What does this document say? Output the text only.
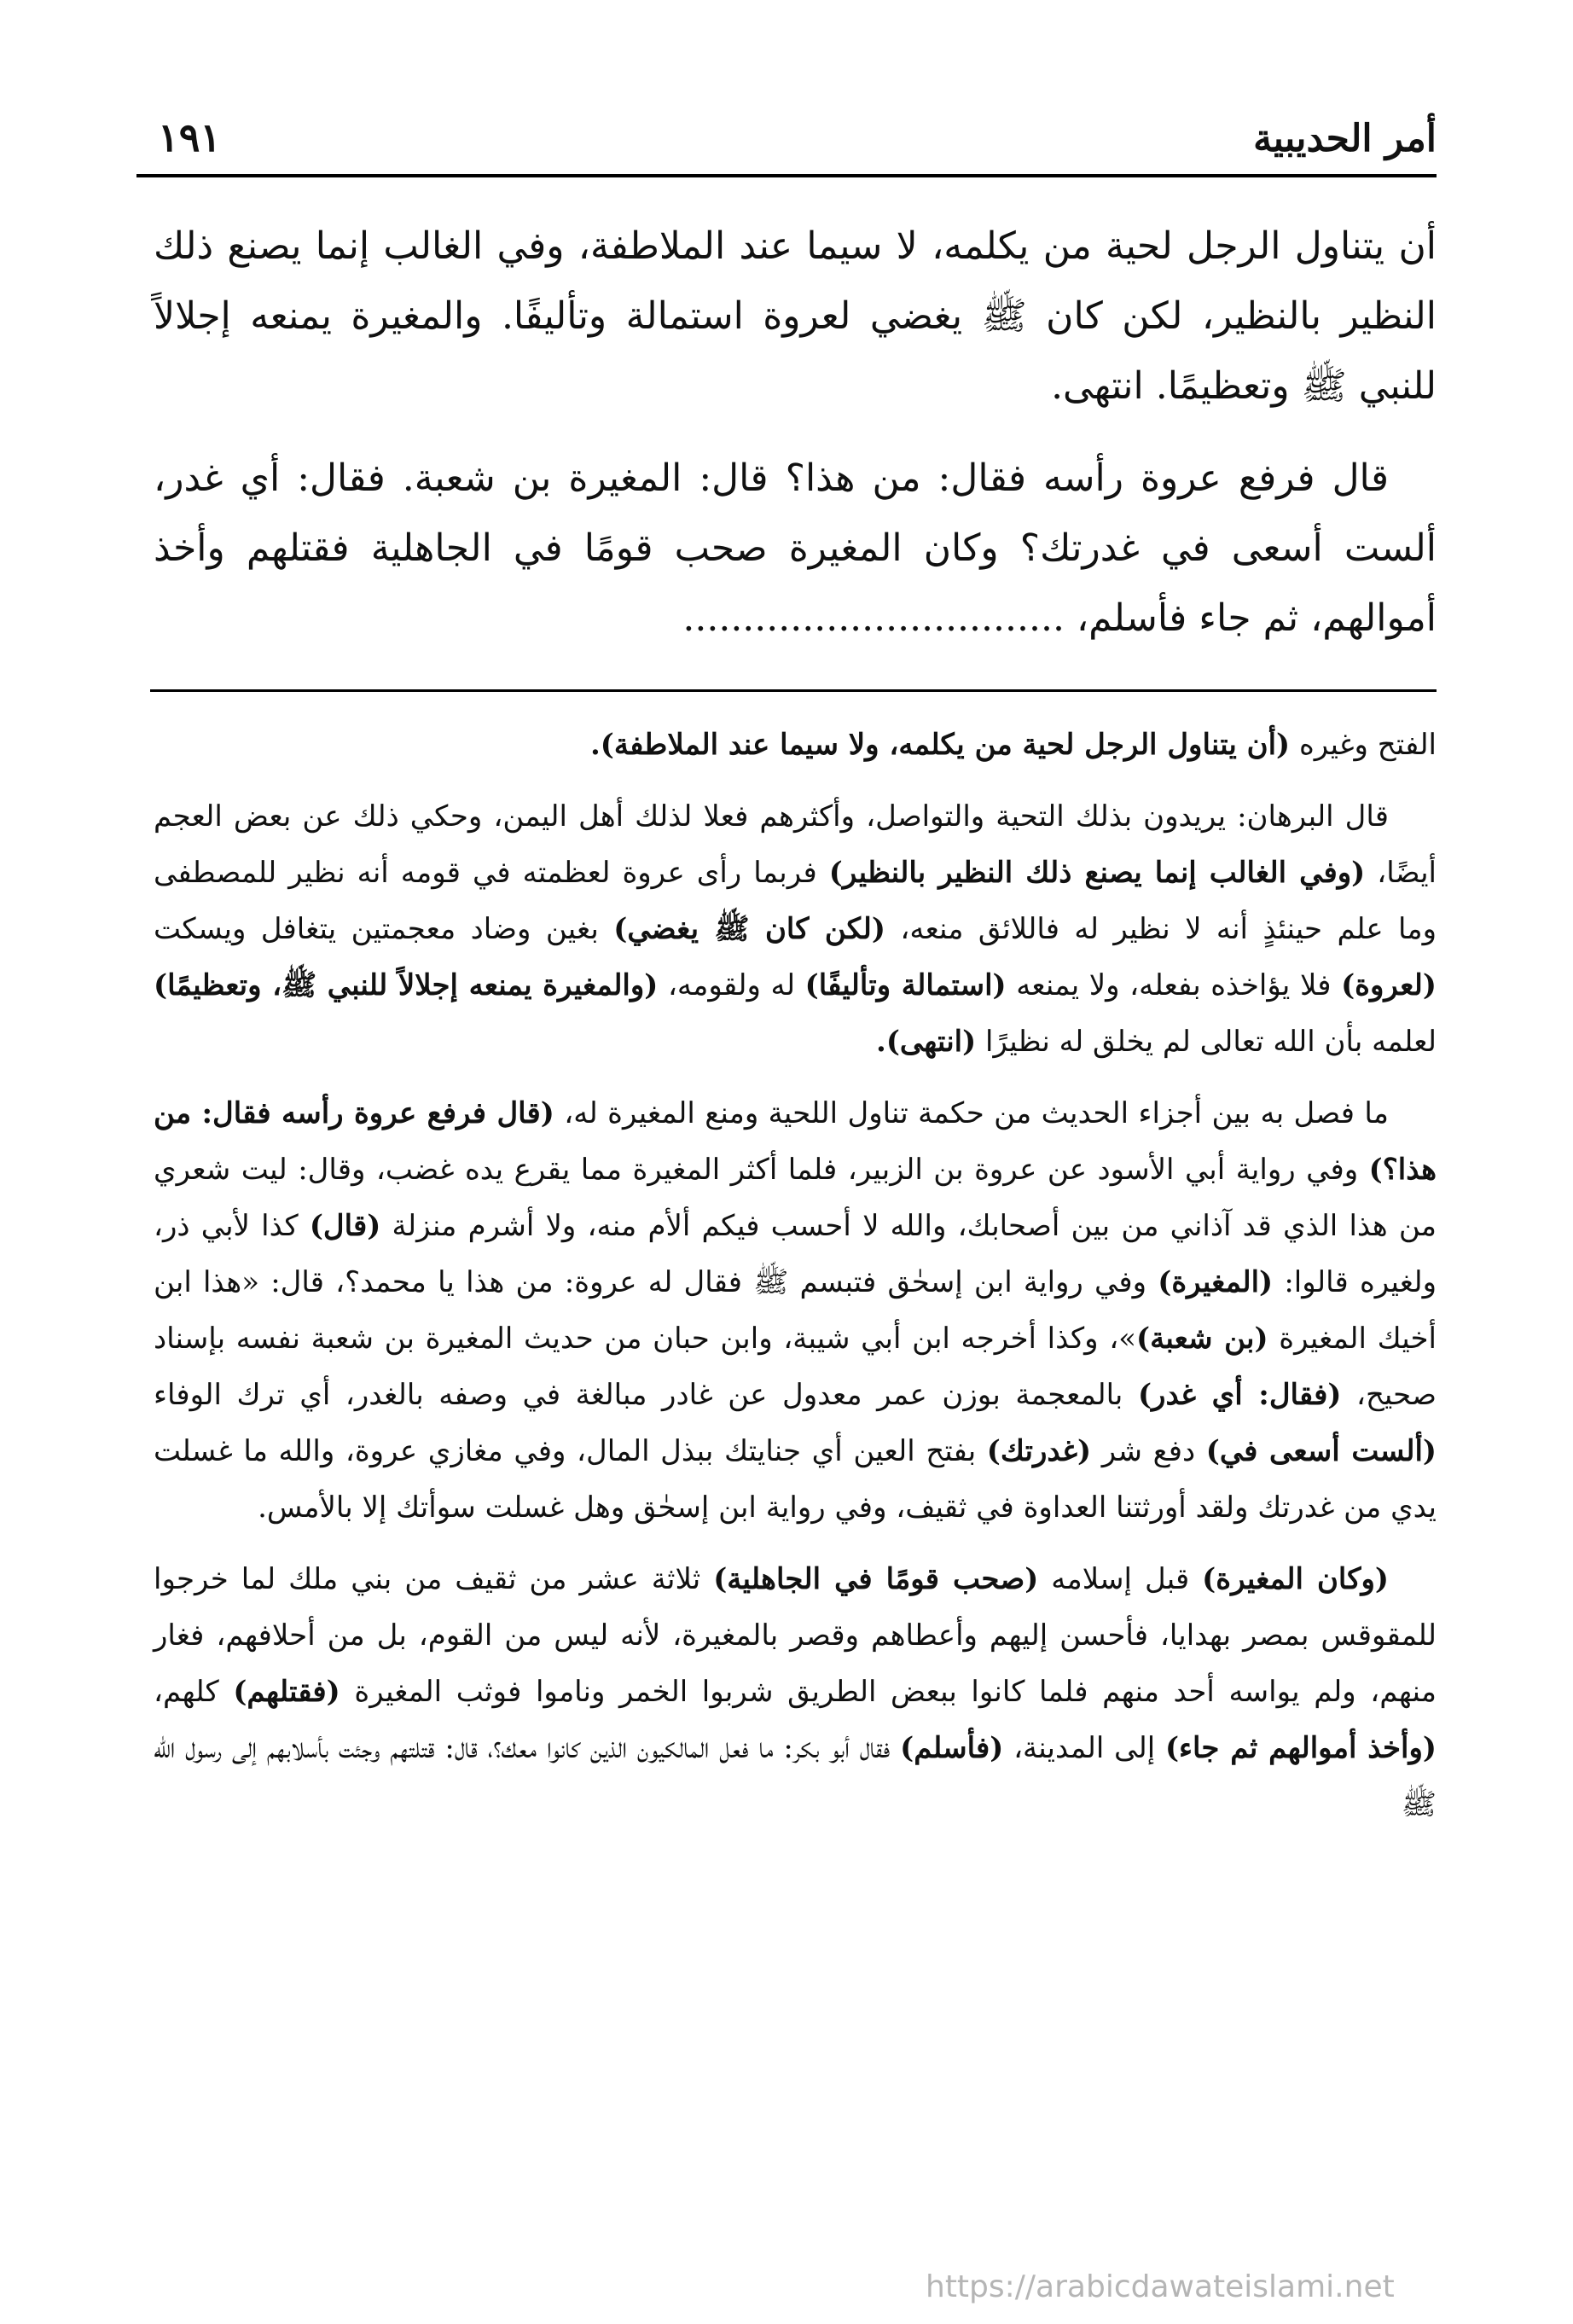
أمر الحديبية
١٩١

أن يتناول الرجل لحية من يكلمه، لا سيما عند الملاطفة، وفي الغالب إنما يصنع ذلك النظير بالنظير، لكن كان ﷺ يغضي لعروة استمالة وتأليفًا. والمغيرة يمنعه إجلالاً للنبي ﷺ وتعظيمًا. انتهى.

قال فرفع عروة رأسه فقال: من هذا؟ قال: المغيرة بن شعبة. فقال: أي غدر، ألست أسعى في غدرتك؟ وكان المغيرة صحب قومًا في الجاهلية فقتلهم وأخذ أموالهم، ثم جاء فأسلم، ................................

الفتح وغيره (أن يتناول الرجل لحية من يكلمه، ولا سيما عند الملاطفة).

قال البرهان: يريدون بذلك التحية والتواصل، وأكثرهم فعلا لذلك أهل اليمن، وحكي ذلك عن بعض العجم أيضًا، (وفي الغالب إنما يصنع ذلك النظير بالنظير) فربما رأى عروة لعظمته في قومه أنه نظير للمصطفى وما علم حينئذٍ أنه لا نظير له فاللائق منعه، (لكن كان ﷺ يغضي) بغين وضاد معجمتين يتغافل ويسكت (لعروة) فلا يؤاخذه بفعله، ولا يمنعه (استمالة وتأليفًا) له ولقومه، (والمغيرة يمنعه إجلالاً للنبي ﷺ، وتعظيمًا) لعلمه بأن الله تعالى لم يخلق له نظيرًا (انتهى).

ما فصل به بين أجزاء الحديث من حكمة تناول اللحية ومنع المغيرة له، (قال فرفع عروة رأسه فقال: من هذا؟) وفي رواية أبي الأسود عن عروة بن الزبير، فلما أكثر المغيرة مما يقرع يده غضب، وقال: ليت شعري من هذا الذي قد آذاني من بين أصحابك، والله لا أحسب فيكم ألأم منه، ولا أشرم منزلة (قال) كذا لأبي ذر، ولغيره قالوا: (المغيرة) وفي رواية ابن إسحٰق فتبسم ﷺ فقال له عروة: من هذا يا محمد؟، قال: «هذا ابن أخيك المغيرة (بن شعبة)»، وكذا أخرجه ابن أبي شيبة، وابن حبان من حديث المغيرة بن شعبة نفسه بإسناد صحيح، (فقال: أي غدر) بالمعجمة بوزن عمر معدول عن غادر مبالغة في وصفه بالغدر، أي ترك الوفاء (ألست أسعى في) دفع شر (غدرتك) بفتح العين أي جنايتك ببذل المال، وفي مغازي عروة، والله ما غسلت يدي من غدرتك ولقد أورثتنا العداوة في ثقيف، وفي رواية ابن إسحٰق وهل غسلت سوأتك إلا بالأمس.

(وكان المغيرة) قبل إسلامه (صحب قومًا في الجاهلية) ثلاثة عشر من ثقيف من بني ملك لما خرجوا للمقوقس بمصر بهدايا، فأحسن إليهم وأعطاهم وقصر بالمغيرة، لأنه ليس من القوم، بل من أحلافهم، فغار منهم، ولم يواسه أحد منهم فلما كانوا ببعض الطريق شربوا الخمر وناموا فوثب المغيرة (فقتلهم) كلهم، (وأخذ أموالهم ثم جاء) إلى المدينة، (فأسلم) فقال أبو بكر: ما فعل المالكيون الذين كانوا معك؟، قال: قتلتهم وجئت بأسلابهم إلى رسول الله ﷺ

https://arabicdawateislami.net
